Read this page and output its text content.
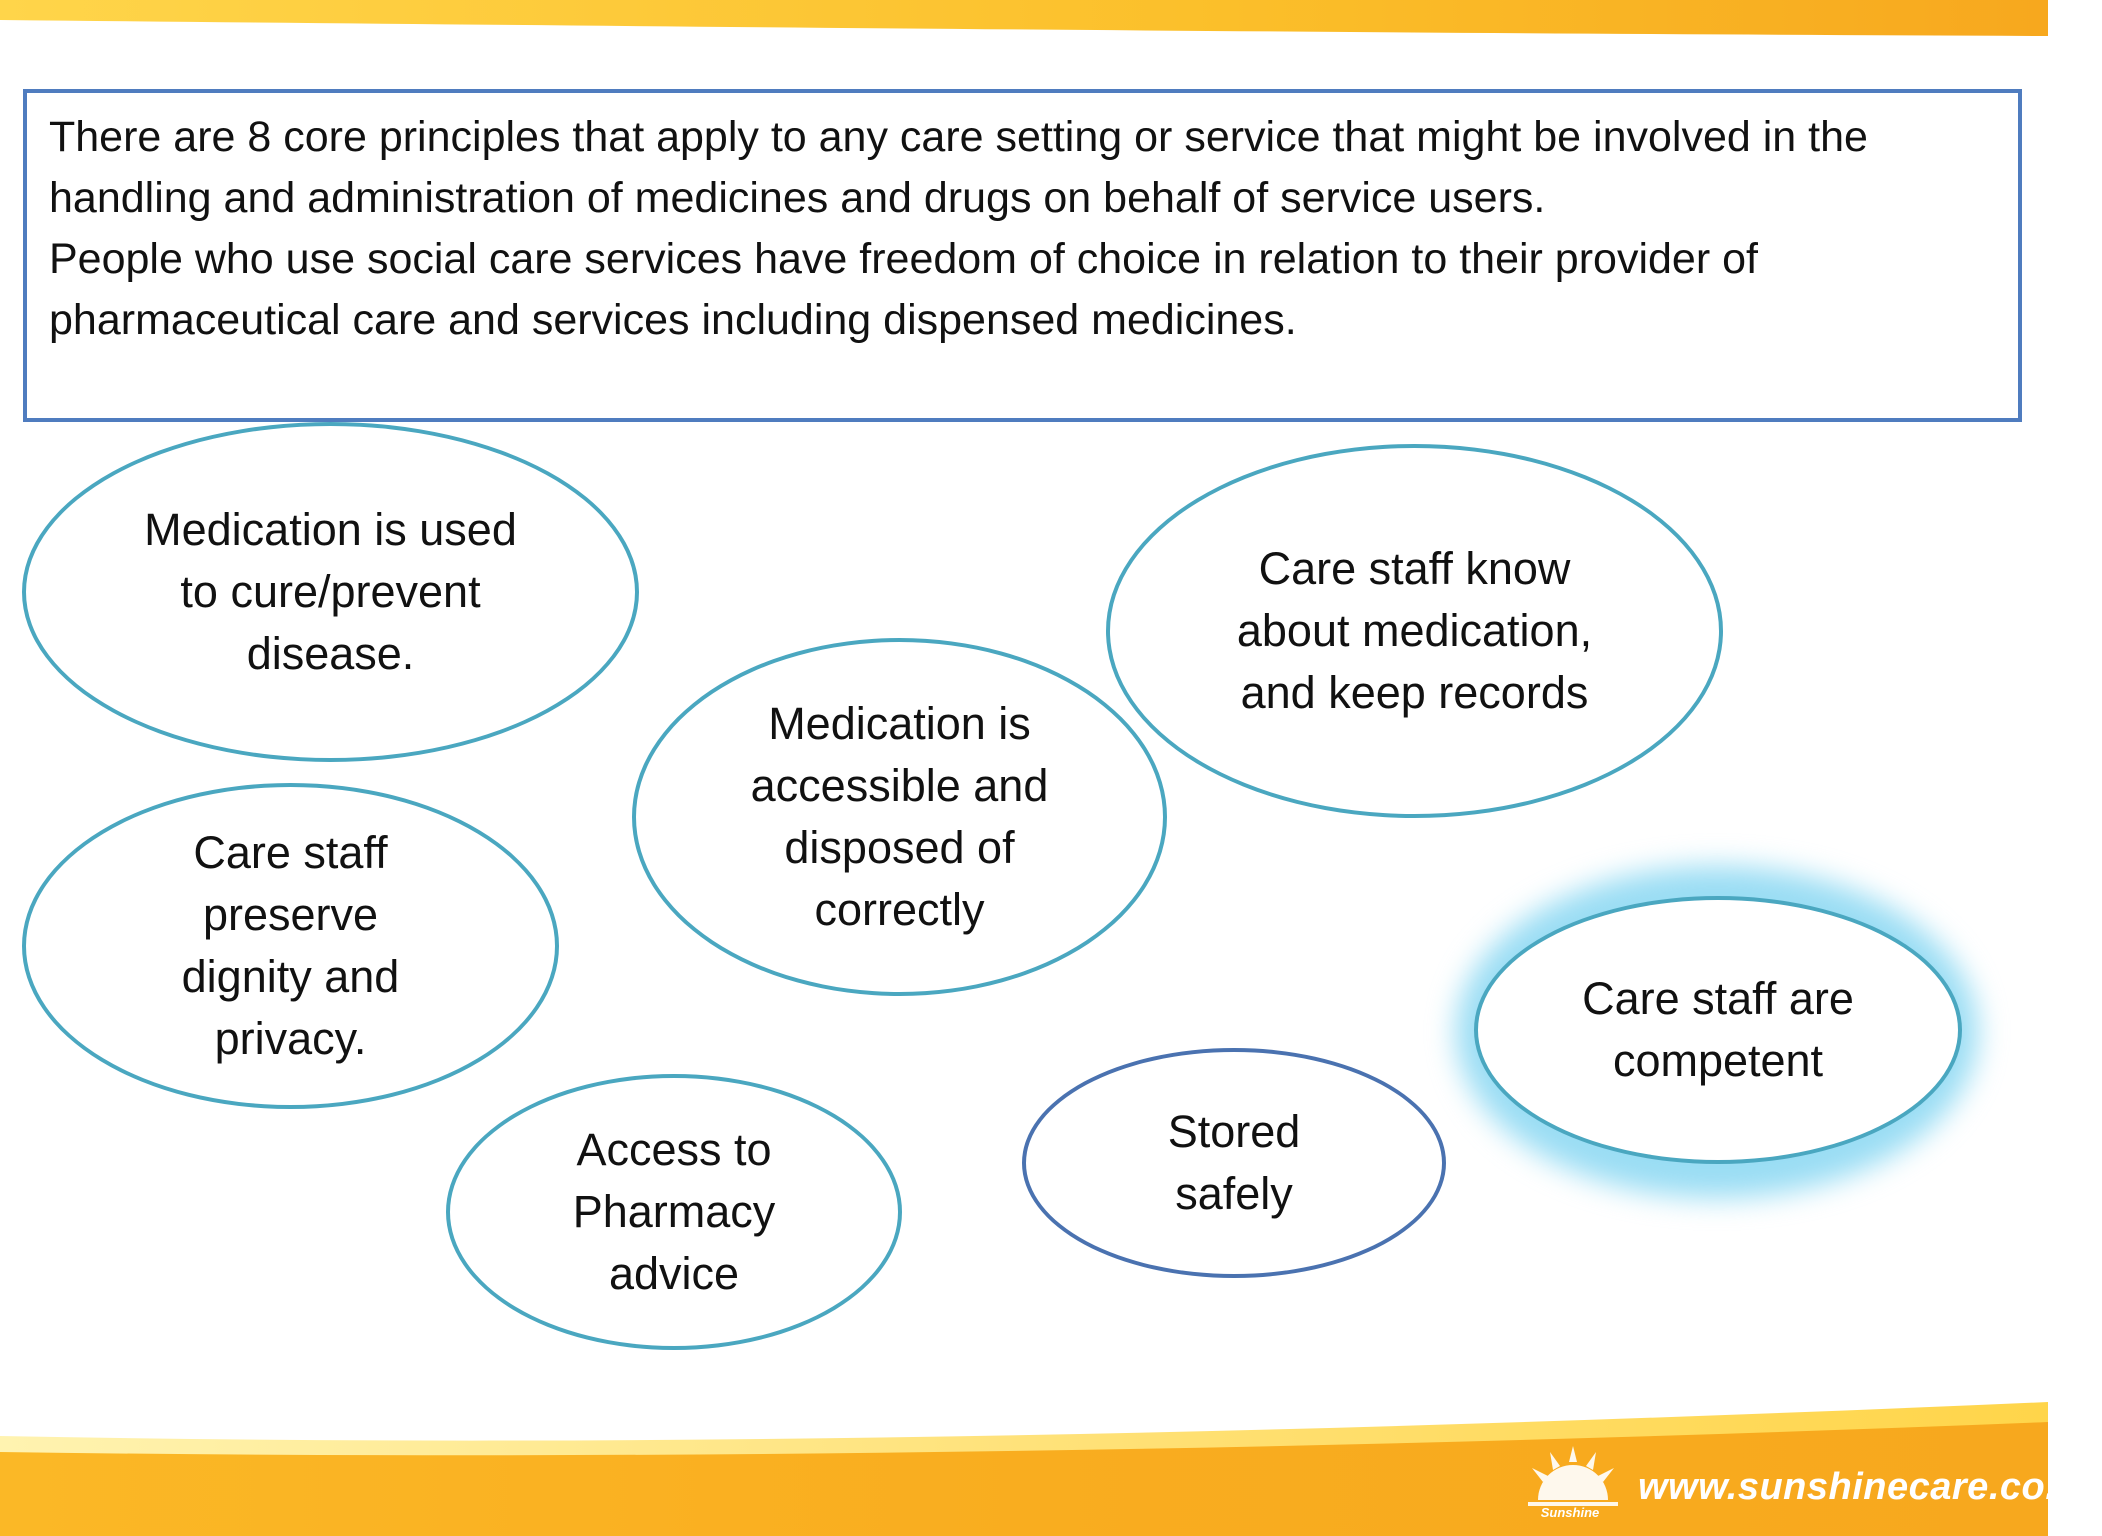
There are 8 core principles that apply to any care setting or service that might be involved in the handling and administration of medicines and drugs on behalf of service users.

People who use social care services have freedom of choice in relation to their provider of pharmaceutical care and services including dispensed medicines.

Medication is used
to cure/prevent
disease.
Care staff
preserve
dignity and
privacy.
Medication is
accessible and
disposed of
correctly
Care staff know
about medication,
and keep records
Access to
Pharmacy
advice
Stored
safely
Care staff are
competent
Sunshine
www.sunshinecare.co.uk
